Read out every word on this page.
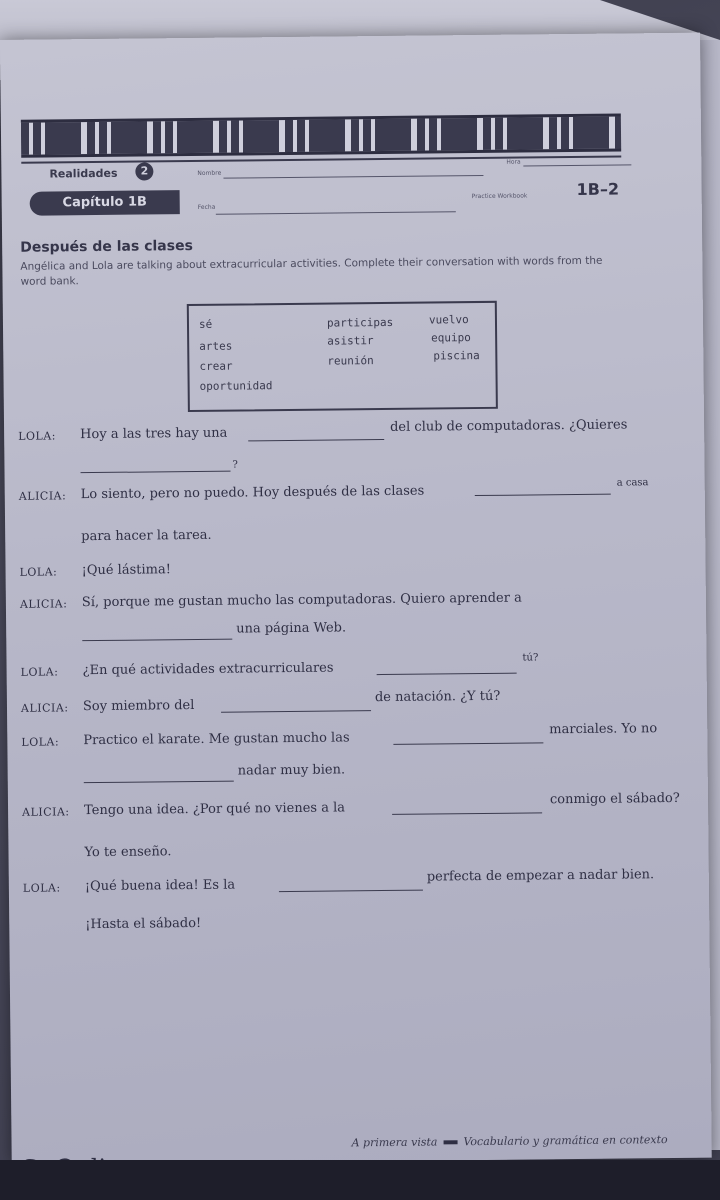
Realidades	2	Nombre
Hora
Capítulo 1B	Fecha
Practice Workbook	1B–2
Después de las clases
Angélica and Lola are talking about extracurricular activities. Complete their conversation with words from the word bank.
sé	participas	vuelvo
artes	asistir	equipo
crear	reunión	piscina
oportunidad
LOLA: Hoy a las tres hay una	del club de computadoras. ¿Quieres
?
ALICIA: Lo siento, pero no puedo. Hoy después de las clases
a casa
para hacer la tarea.
LOLA: ¡Qué lástima!
ALICIA: Sí, porque me gustan mucho las computadoras. Quiero aprender a
una página Web.
LOLA: ¿En qué actividades extracurriculares
tú?
ALICIA: Soy miembro del
de natación. ¿Y tú?
LOLA: Practico el karate. Me gustan mucho las
marciales. Yo no
nadar muy bien.
ALICIA: Tengo una idea. ¿Por qué no vienes a la
conmigo el sábado?
Yo te enseño.
LOLA: ¡Qué buena idea! Es la
perfecta de empezar a nadar bien.
¡Hasta el sábado!
A primera vista Vocabulario y gramática en contexto
